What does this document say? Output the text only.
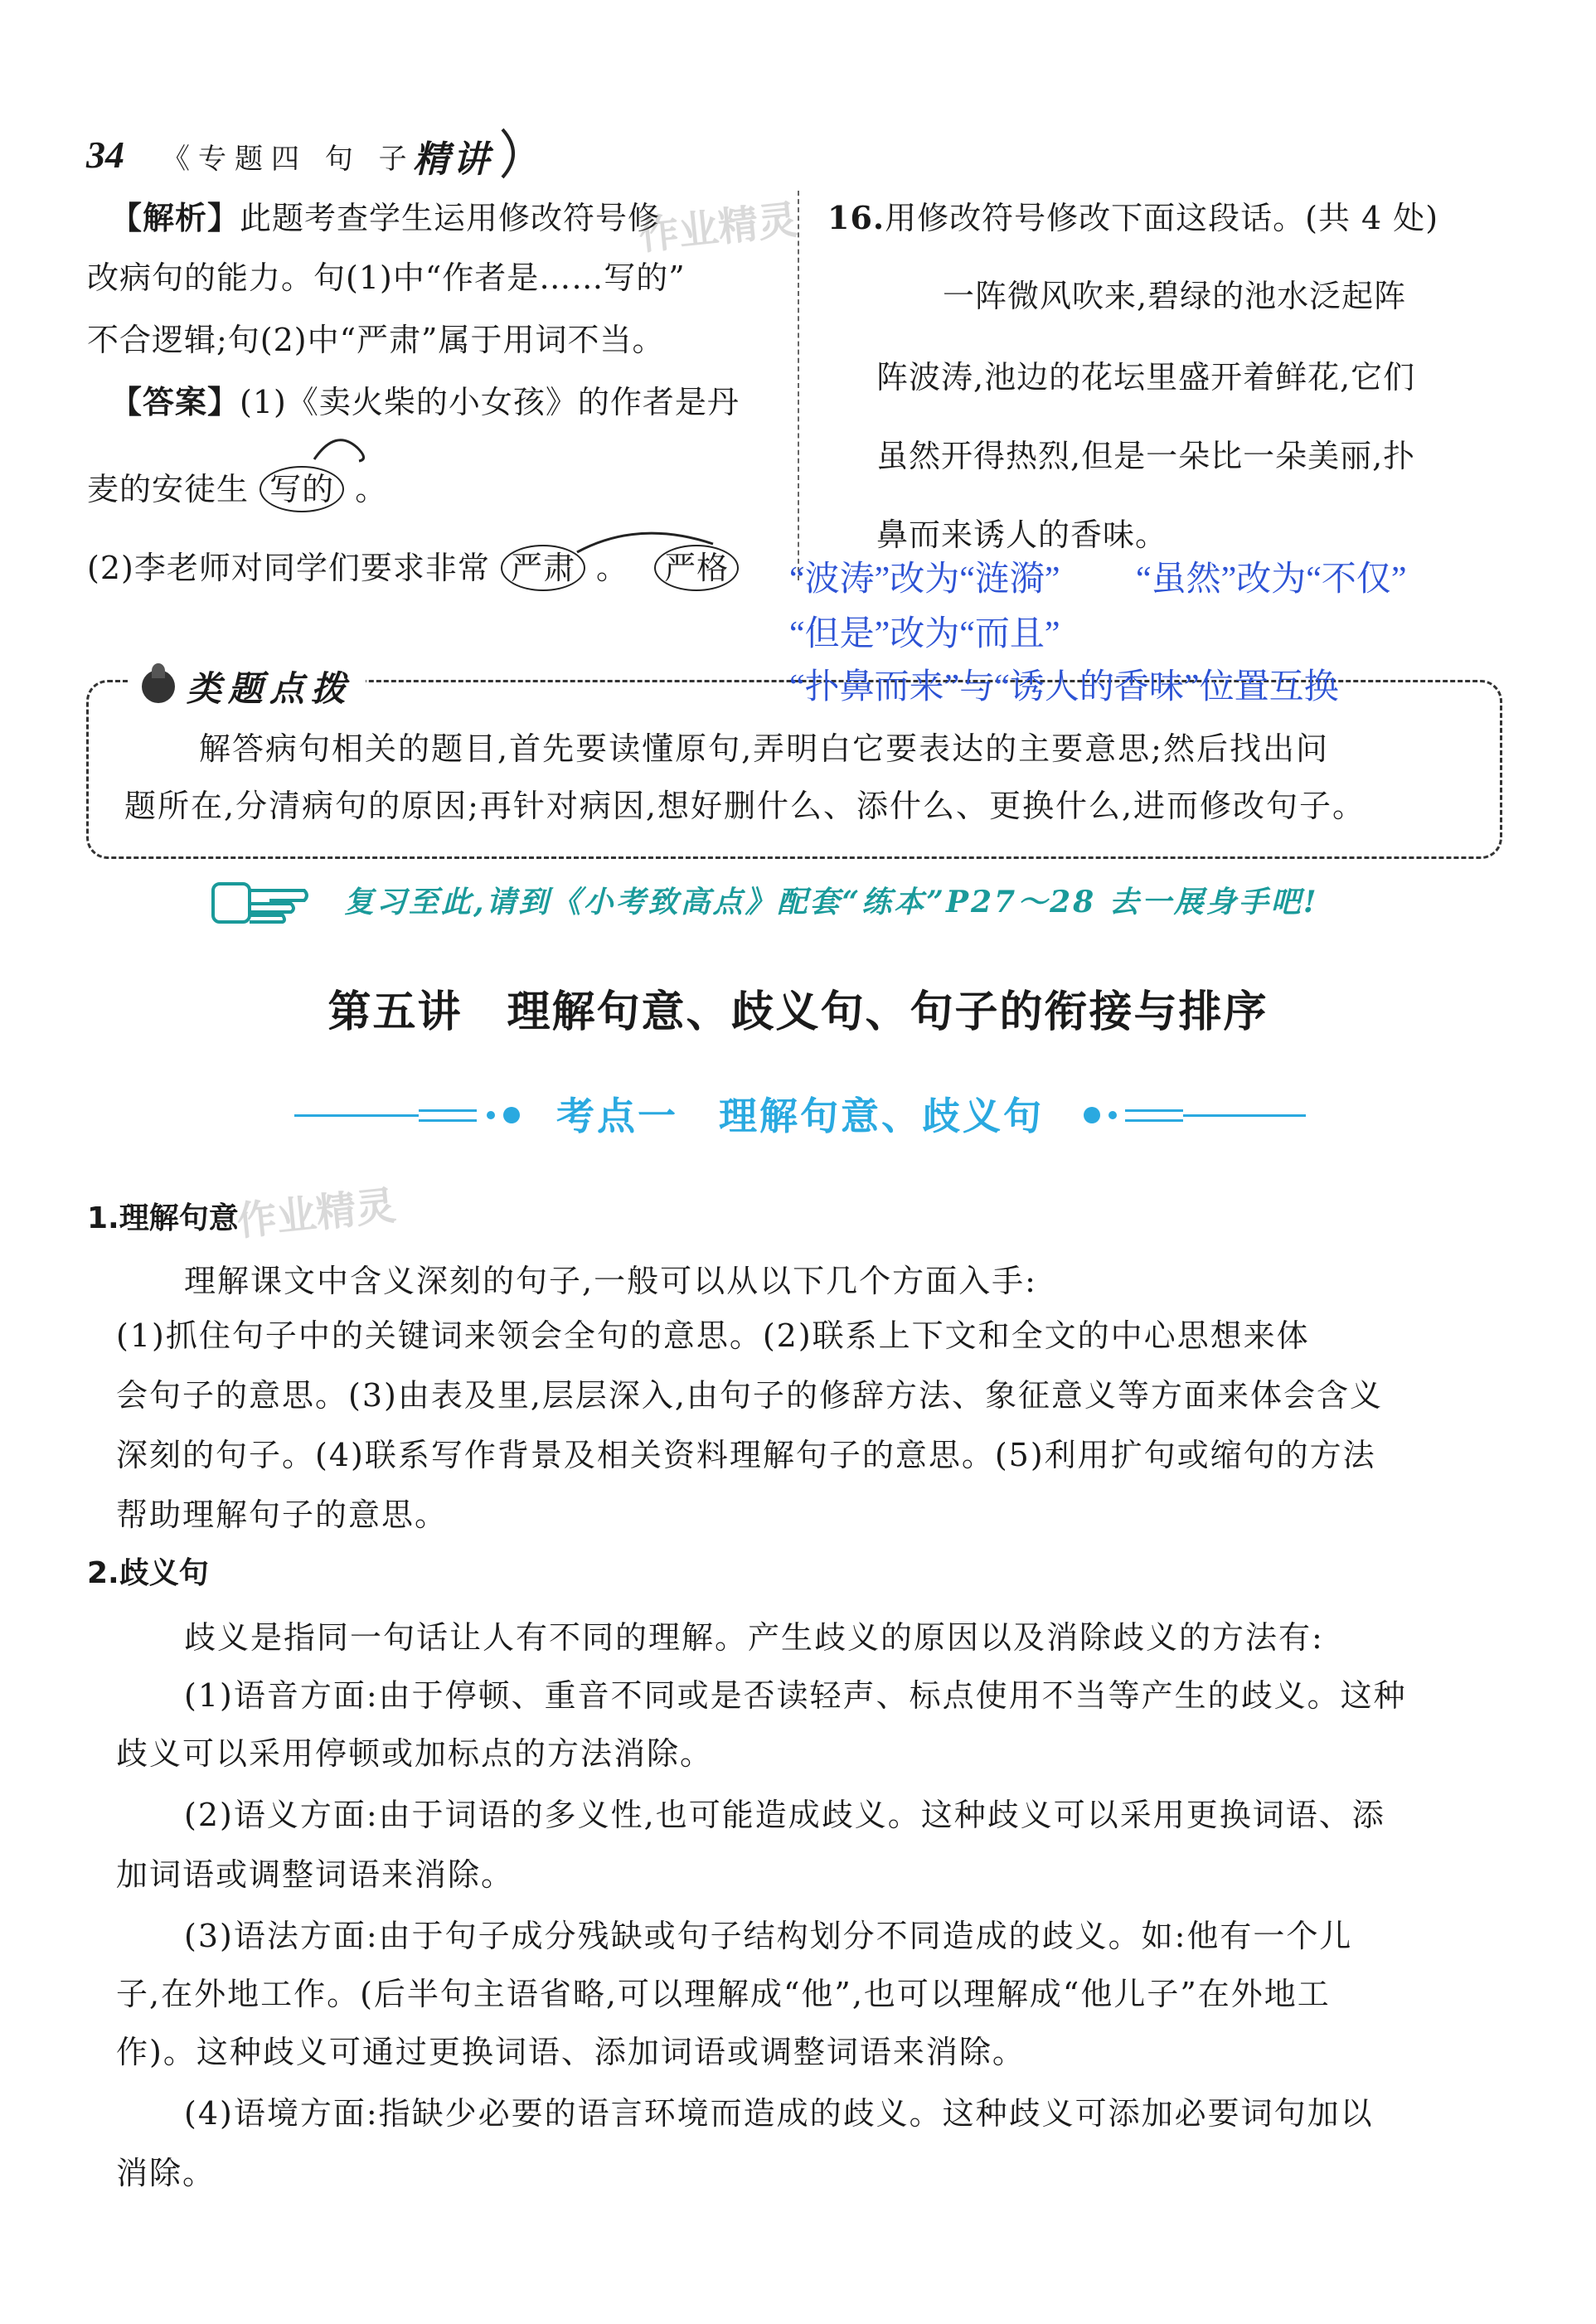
34 《专题四 句 子
精讲
【解析】此题考查学生运用修改符号修
改病句的能力。句(1)中“作者是……写的”
不合逻辑;句(2)中“严肃”属于用词不当。
【答案】(1)《卖火柴的小女孩》的作者是丹
麦的安徒生 写的 。
(2)李老师对同学们要求非常 严肃 。 严格
16.用修改符号修改下面这段话。(共 4 处)
一阵微风吹来,碧绿的池水泛起阵
阵波涛,池边的花坛里盛开着鲜花,它们
虽然开得热烈,但是一朵比一朵美丽,扑
鼻而来诱人的香味。
“波涛”改为“涟漪” “虽然”改为“不仅”
“但是”改为“而且”
类题点拨	“扑鼻而来”与“诱人的香味”位置互换
解答病句相关的题目,首先要读懂原句,弄明白它要表达的主要意思;然后找出问
题所在,分清病句的原因;再针对病因,想好删什么、添什么、更换什么,进而修改句子。
复习至此,请到《小考致高点》配套“练本”P27～28 去一展身手吧!
第五讲　理解句意、歧义句、句子的衔接与排序
考点一　理解句意、歧义句
作业精灵
作业精灵
1.理解句意
理解课文中含义深刻的句子,一般可以从以下几个方面入手:
(1)抓住句子中的关键词来领会全句的意思。(2)联系上下文和全文的中心思想来体
会句子的意思。(3)由表及里,层层深入,由句子的修辞方法、象征意义等方面来体会含义
深刻的句子。(4)联系写作背景及相关资料理解句子的意思。(5)利用扩句或缩句的方法
帮助理解句子的意思。
2.歧义句
歧义是指同一句话让人有不同的理解。产生歧义的原因以及消除歧义的方法有:
(1)语音方面:由于停顿、重音不同或是否读轻声、标点使用不当等产生的歧义。这种
歧义可以采用停顿或加标点的方法消除。
(2)语义方面:由于词语的多义性,也可能造成歧义。这种歧义可以采用更换词语、添
加词语或调整词语来消除。
(3)语法方面:由于句子成分残缺或句子结构划分不同造成的歧义。如:他有一个儿
子,在外地工作。(后半句主语省略,可以理解成“他”,也可以理解成“他儿子”在外地工
作)。这种歧义可通过更换词语、添加词语或调整词语来消除。
(4)语境方面:指缺少必要的语言环境而造成的歧义。这种歧义可添加必要词句加以
消除。
